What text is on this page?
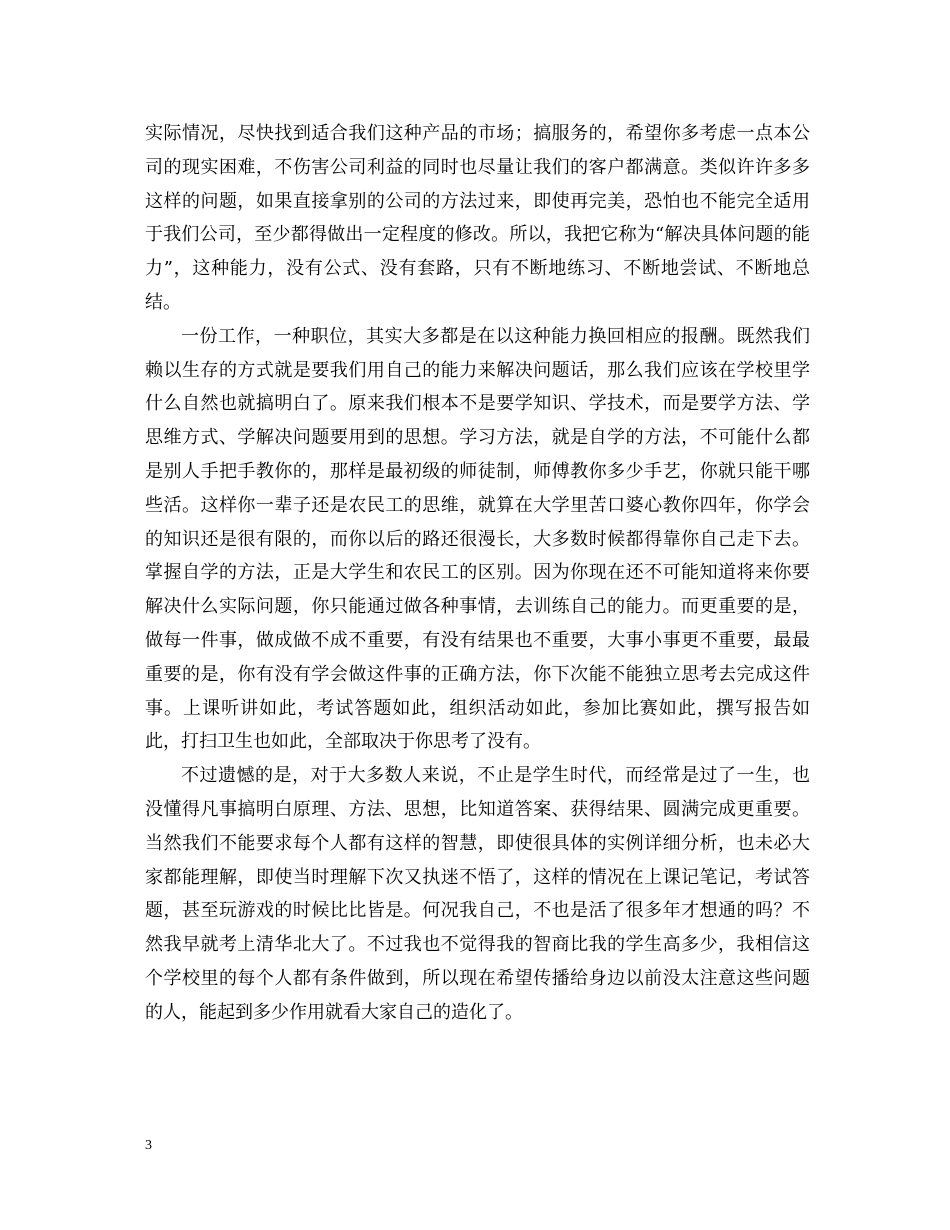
实际情况，尽快找到适合我们这种产品的市场；搞服务的，希望你多考虑一点本公司的现实困难，不伤害公司利益的同时也尽量让我们的客户都满意。类似许许多多这样的问题，如果直接拿别的公司的方法过来，即使再完美，恐怕也不能完全适用于我们公司，至少都得做出一定程度的修改。所以，我把它称为“解决具体问题的能力”，这种能力，没有公式、没有套路，只有不断地练习、不断地尝试、不断地总结。

一份工作，一种职位，其实大多都是在以这种能力换回相应的报酬。既然我们赖以生存的方式就是要我们用自己的能力来解决问题话，那么我们应该在学校里学什么自然也就搞明白了。原来我们根本不是要学知识、学技术，而是要学方法、学思维方式、学解决问题要用到的思想。学习方法，就是自学的方法，不可能什么都是别人手把手教你的，那样是最初级的师徒制，师傅教你多少手艺，你就只能干哪些活。这样你一辈子还是农民工的思维，就算在大学里苦口婆心教你四年，你学会的知识还是很有限的，而你以后的路还很漫长，大多数时候都得靠你自己走下去。掌握自学的方法，正是大学生和农民工的区别。因为你现在还不可能知道将来你要解决什么实际问题，你只能通过做各种事情，去训练自己的能力。而更重要的是，做每一件事，做成做不成不重要，有没有结果也不重要，大事小事更不重要，最最重要的是，你有没有学会做这件事的正确方法，你下次能不能独立思考去完成这件事。上课听讲如此，考试答题如此，组织活动如此，参加比赛如此，撰写报告如此，打扫卫生也如此，全部取决于你思考了没有。

不过遗憾的是，对于大多数人来说，不止是学生时代，而经常是过了一生，也没懂得凡事搞明白原理、方法、思想，比知道答案、获得结果、圆满完成更重要。当然我们不能要求每个人都有这样的智慧，即使很具体的实例详细分析，也未必大家都能理解，即使当时理解下次又执迷不悟了，这样的情况在上课记笔记，考试答题，甚至玩游戏的时候比比皆是。何况我自己，不也是活了很多年才想通的吗？不然我早就考上清华北大了。不过我也不觉得我的智商比我的学生高多少，我相信这个学校里的每个人都有条件做到，所以现在希望传播给身边以前没太注意这些问题的人，能起到多少作用就看大家自己的造化了。

3
